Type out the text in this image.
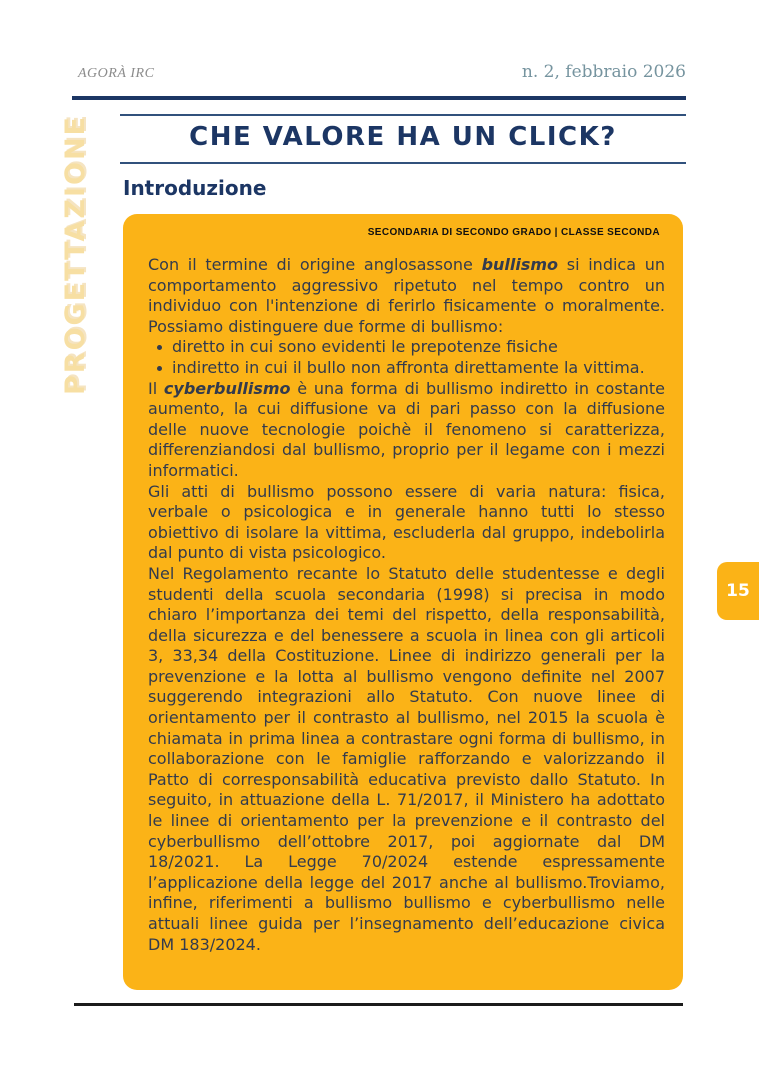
AGORÀ IRC	n. 2, febbraio 2026
PROGETTAZIONE	CHE VALORE HA UN CLICK?
Introduzione
SECONDARIA DI SECONDO GRADO | CLASSE SECONDA
Con il termine di origine anglosassone bullismo si indica un comportamento aggressivo ripetuto nel tempo contro un individuo con l'intenzione di ferirlo fisicamente o moralmente. Possiamo distinguere due forme di bullismo:
diretto in cui sono evidenti le prepotenze fisiche
indiretto in cui il bullo non affronta direttamente la vittima.
Il cyberbullismo è una forma di bullismo indiretto in costante aumento, la cui diffusione va di pari passo con la diffusione delle nuove tecnologie poichè il fenomeno si caratterizza, differenziandosi dal bullismo, proprio per il legame con i mezzi informatici.
Gli atti di bullismo possono essere di varia natura: fisica, verbale o psicologica e in generale hanno tutti lo stesso obiettivo di isolare la vittima, escluderla dal gruppo, indebolirla dal punto di vista psicologico.
Nel Regolamento recante lo Statuto delle studentesse e degli studenti della scuola secondaria (1998) si precisa in modo chiaro l’importanza dei temi del rispetto, della responsabilità, della sicurezza e del benessere a scuola in linea con gli articoli 3, 33,34 della Costituzione. Linee di indirizzo generali per la prevenzione e la lotta al bullismo vengono definite nel 2007 suggerendo integrazioni allo Statuto. Con nuove linee di orientamento per il contrasto al bullismo, nel 2015 la scuola è chiamata in prima linea a contrastare ogni forma di bullismo, in collaborazione con le famiglie rafforzando e valorizzando il Patto di corresponsabilità educativa previsto dallo Statuto. In seguito, in attuazione della L. 71/2017, il Ministero ha adottato le linee di orientamento per la prevenzione e il contrasto del cyberbullismo dell’ottobre 2017, poi aggiornate dal DM 18/2021. La Legge 70/2024 estende espressamente l’applicazione della legge del 2017 anche al bullismo.Troviamo, infine, riferimenti a bullismo bullismo e cyberbullismo nelle attuali linee guida per l’insegnamento dell’educazione civica DM 183/2024.
15
